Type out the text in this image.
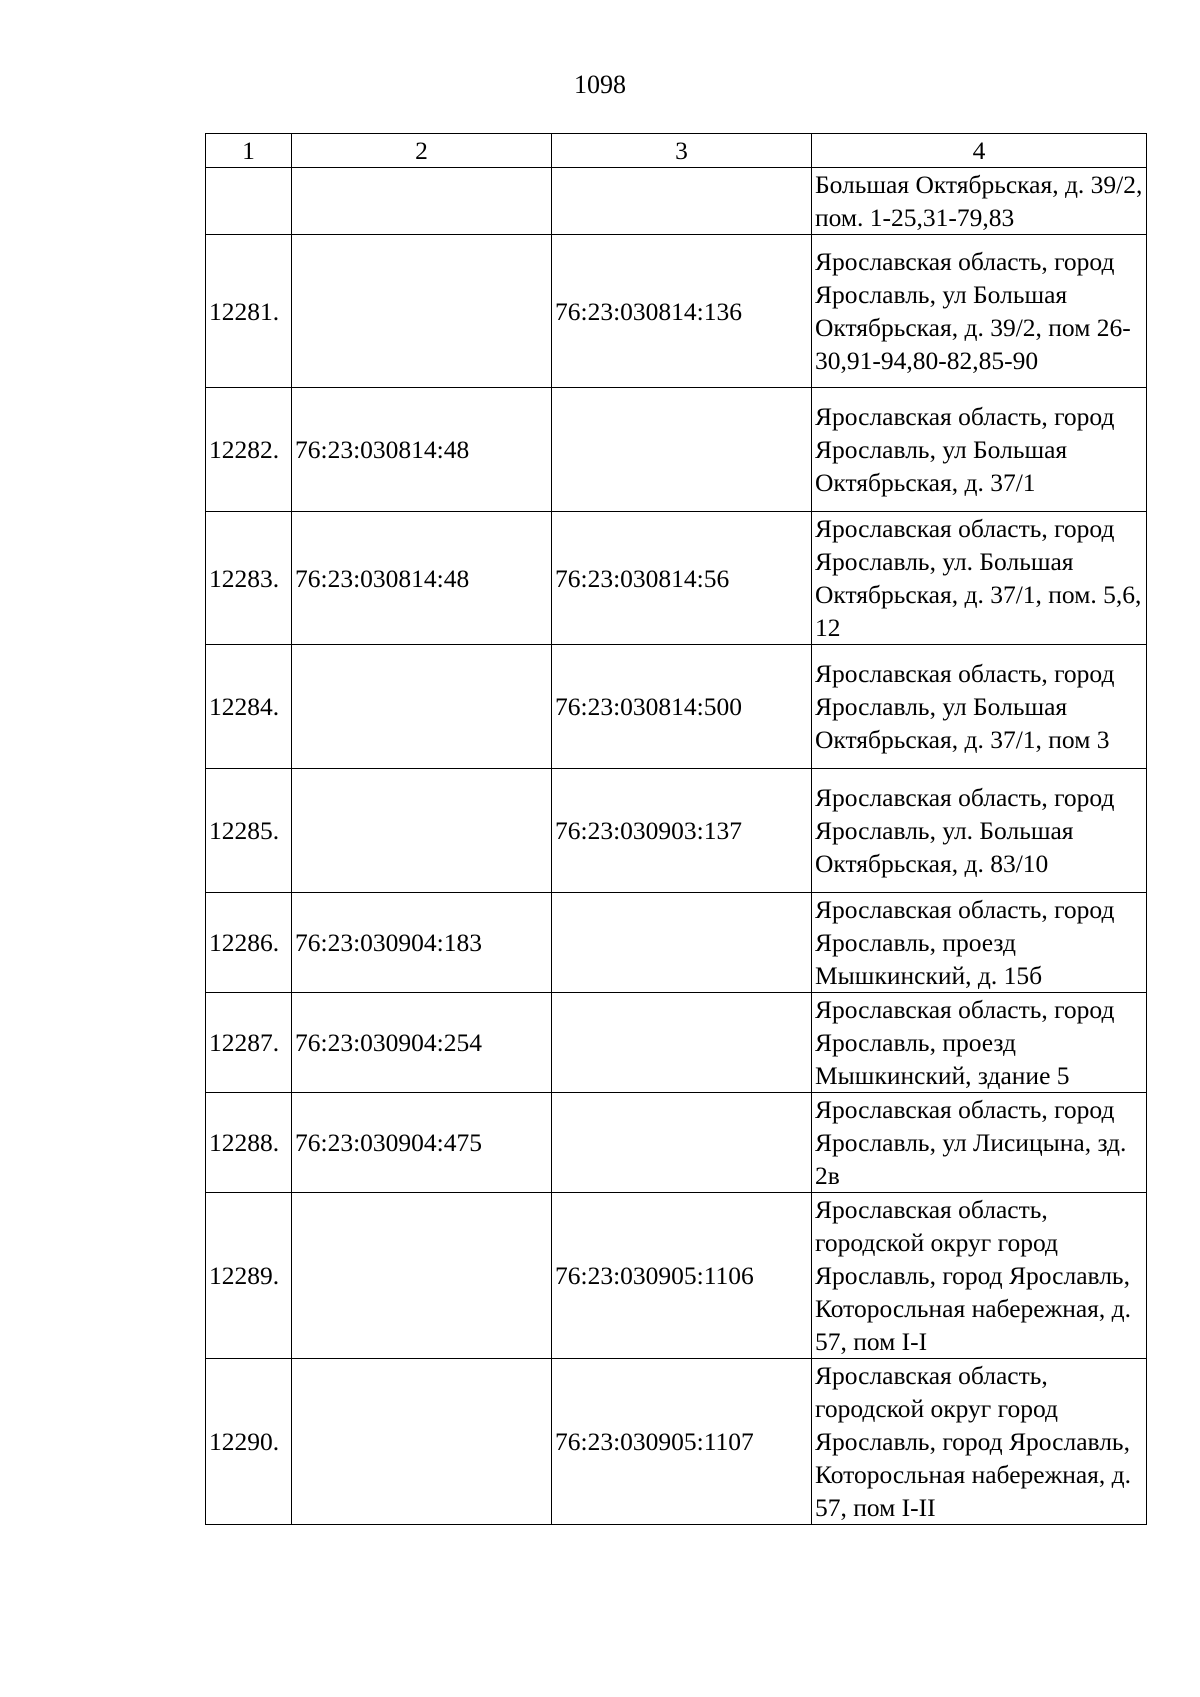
1098
1	2	3	4
			Большая Октябрьская, д. 39/2, пом. 1-25,31-79,83
12281.		76:23:030814:136	Ярославская область, город Ярославль, ул Большая Октябрьская, д. 39/2, пом 26-30,91-94,80-82,85-90
12282.	76:23:030814:48		Ярославская область, город Ярославль, ул Большая Октябрьская, д. 37/1
12283.	76:23:030814:48	76:23:030814:56	Ярославская область, город Ярославль, ул. Большая Октябрьская, д. 37/1, пом. 5,6, 12
12284.		76:23:030814:500	Ярославская область, город Ярославль, ул Большая Октябрьская, д. 37/1, пом 3
12285.		76:23:030903:137	Ярославская область, город Ярославль, ул. Большая Октябрьская, д. 83/10
12286.	76:23:030904:183		Ярославская область, город Ярославль, проезд Мышкинский, д. 15б
12287.	76:23:030904:254		Ярославская область, город Ярославль, проезд Мышкинский, здание 5
12288.	76:23:030904:475		Ярославская область, город Ярославль, ул Лисицына, зд. 2в
12289.		76:23:030905:1106	Ярославская область, городской округ город Ярославль, город Ярославль, Которосльная набережная, д. 57, пом I-I
12290.		76:23:030905:1107	Ярославская область, городской округ город Ярославль, город Ярославль, Которосльная набережная, д. 57, пом I-II
